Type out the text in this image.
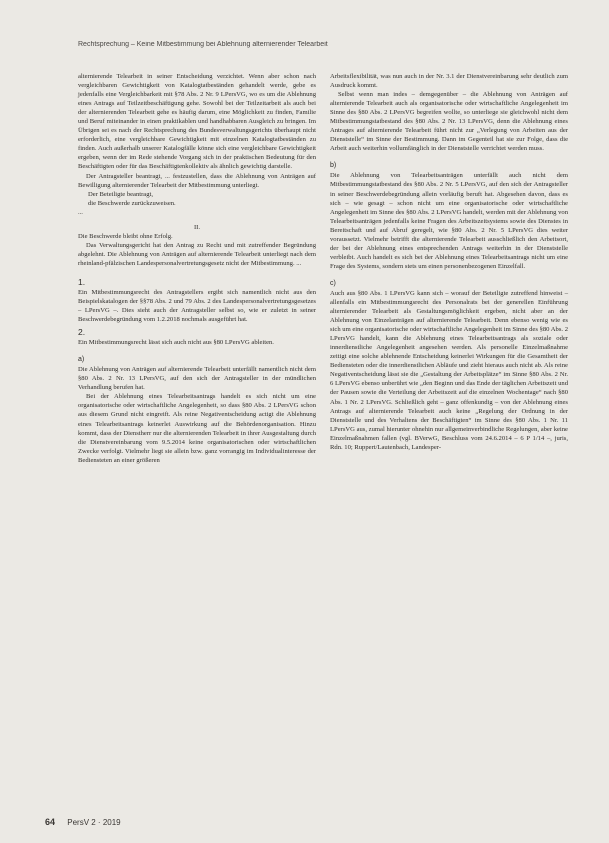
Rechtsprechung – Keine Mitbestimmung bei Ablehnung alternierender Telearbeit

alternierende Telearbeit in seiner Entscheidung verzichtet. Wenn aber schon nach vergleichbaren Gewichtigkeit von Katalogtatbeständen gehandelt werde, gebe es jedenfalls eine Vergleichbarkeit mit §78 Abs. 2 Nr. 9 LPersVG, wo es um die Ablehnung eines Antrags auf Teilzeitbeschäftigung gehe. Sowohl bei der Teilzeitarbeit als auch bei der alternierenden Telearbeit gehe es häufig darum, eine Möglichkeit zu finden, Familie und Beruf miteinander in einen praktikablen und handhabbaren Ausgleich zu bringen. Im Übrigen sei es nach der Rechtsprechung des Bundesverwaltungsgerichts überhaupt nicht erforderlich, eine vergleichbare Gewichtigkeit mit einzelnen Katalogtatbeständen zu finden. Auch außerhalb unserer Katalogfälle könne sich eine vergleichbare Gewichtigkeit ergeben, wenn der im Rede stehende Vorgang sich in der praktischen Bedeutung für den Beschäftigten oder für das Beschäftigtenkollektiv als ähnlich gewichtig darstelle.

Der Antragsteller beantragt, ... festzustellen, dass die Ablehnung von Anträgen auf Bewilligung alternierender Telearbeit der Mitbestimmung unterliegt.

Der Beteiligte beantragt,

die Beschwerde zurückzuweisen.

...

II.

Die Beschwerde bleibt ohne Erfolg.

Das Verwaltungsgericht hat den Antrag zu Recht und mit zutreffender Begründung abgelehnt. Die Ablehnung von Anträgen auf alternierende Telearbeit unterliegt nach dem rheinland-pfälzischen Landespersonalvertretungsgesetz nicht der Mitbestimmung. ...

1.

Ein Mitbestimmungsrecht des Antragstellers ergibt sich namentlich nicht aus den Beispielskatalogen der §§78 Abs. 2 und 79 Abs. 2 des Landespersonalvertretungsgesetzes – LPersVG –. Dies sieht auch der Antragsteller selbst so, wie er zuletzt in seiner Beschwerdebegründung vom 1.2.2018 nochmals ausgeführt hat.

2.

Ein Mitbestimmungsrecht lässt sich auch nicht aus §80 LPersVG ableiten.

a)

Die Ablehnung von Anträgen auf alternierende Telearbeit unterfällt namentlich nicht dem §80 Abs. 2 Nr. 13 LPersVG, auf den sich der Antragsteller in der mündlichen Verhandlung berufen hat.

Bei der Ablehnung eines Telearbeitsantrags handelt es sich nicht um eine organisatorische oder wirtschaftliche Angelegenheit, so dass §80 Abs. 2 LPersVG schon aus diesem Grund nicht eingreift. Als reine Negativentscheidung actigt die Ablehnung eines Telearbeitsantrags keinerlei Auswirkung auf die Behördenorganisation. Hinzu kommt, dass der Dienstherr nur die alternierenden Telearbeit in ihrer Ausgestaltung durch die Dienstvereinbarung vom 9.5.2014 keine organisatorischen oder wirtschaftlichen Zwecke verfolgt. Vielmehr liegt sie allein bzw. ganz vorrangig im Individualinteresse der Bediensteten an einer größeren

Arbeitsflexibilität, was nun auch in der Nr. 3.1 der Dienstvereinbarung sehr deutlich zum Ausdruck kommt.

Selbst wenn man indes – demgegenüber – die Ablehnung von Anträgen auf alternierende Telearbeit auch als organisatorische oder wirtschaftliche Angelegenheit im Sinne des §80 Abs. 2 LPersVG begreifen wollte, so unterliege sie gleichwohl nicht dem Mitbestimmungstatbestand des §80 Abs. 2 Nr. 13 LPersVG, denn die Ablehnung eines Antrages auf alternierende Telearbeit führt nicht zur „Verlegung von Arbeiten aus der Dienststelle“ im Sinne der Bestimmung. Dann im Gegenteil hat sie zur Folge, dass die Arbeit auch weiterhin vollumfänglich in der Dienststelle verrichtet werden muss.

b)

Die Ablehnung von Telearbeitsanträgen unterfällt auch nicht dem Mitbestimmungstatbestand des §80 Abs. 2 Nr. 5 LPersVG, auf den sich der Antragsteller in seiner Beschwerdebegründung allein vorläufig beruft hat. Abgesehen davon, dass es sich – wie gesagt – schon nicht um eine organisatorische oder wirtschaftliche Angelegenheit im Sinne des §80 Abs. 2 LPersVG handelt, werden mit der Ablehnung von Telearbeitsanträgen jedenfalls keine Fragen des Arbeitszeitsystems sowie des Dienstes in Bereitschaft und auf Abruf geregelt, wie §80 Abs. 2 Nr. 5 LPersVG dies weiter voraussetzt. Vielmehr betrifft die alternierende Telearbeit ausschließlich den Arbeitsort, der bei der Ablehnung eines entsprechenden Antrags weiterhin in der Dienststelle verbleibt. Auch handelt es sich bei der Ablehnung eines Telearbeitsantrags nicht um eine Frage des Systems, sondern stets um einen personenbezogenen Einzelfall.

c)

Auch aus §80 Abs. 1 LPersVG kann sich – worauf der Beteiligte zutreffend hinweist – allenfalls ein Mitbestimmungsrecht des Personalrats bei der generellen Einführung alternierender Telearbeit als Gestaltungsmöglichkeit ergeben, nicht aber an der Ablehnung von Einzelanträgen auf alternierende Telearbeit. Denn ebenso wenig wie es sich um eine organisatorische oder wirtschaftliche Angelegenheit im Sinne des §80 Abs. 2 LPersVG handelt, kann die Ablehnung eines Telearbeitsantrags als soziale oder innerdienstliche Angelegenheit angesehen werden. Als personelle Einzelmaßnahme zeitigt eine solche ablehnende Entscheidung keinerlei Wirkungen für die Gesamtheit der Bediensteten oder die innerdienstlichen Abläufe und zieht hieraus auch nicht ab. Als reine Negativentscheidung lässt sie die „Gestaltung der Arbeitsplätze“ im Sinne §80 Abs. 2 Nr. 6 LPersVG ebenso unberührt wie „den Beginn und das Ende der täglichen Arbeitszeit und der Pausen sowie die Verteilung der Arbeitszeit auf die einzelnen Wochentage“ nach §80 Abs. 1 Nr. 2 LPersVG. Schließlich geht – ganz offenkundig – von der Ablehnung eines Antrags auf alternierende Telearbeit auch keine „Regelung der Ordnung in der Dienststelle und des Verhaltens der Beschäftigten“ im Sinne des §80 Abs. 1 Nr. 11 LPersVG aus, zumal hierunter ohnehin nur allgemeinverbindliche Regelungen, aber keine Einzelmaßnahmen fallen (vgl. BVerwG, Beschluss vom 24.6.2014 – 6 P 1/14 –, juris, Rdn. 10; Ruppert/Lautenbach, Landesper-

64 PersV 2 · 2019
